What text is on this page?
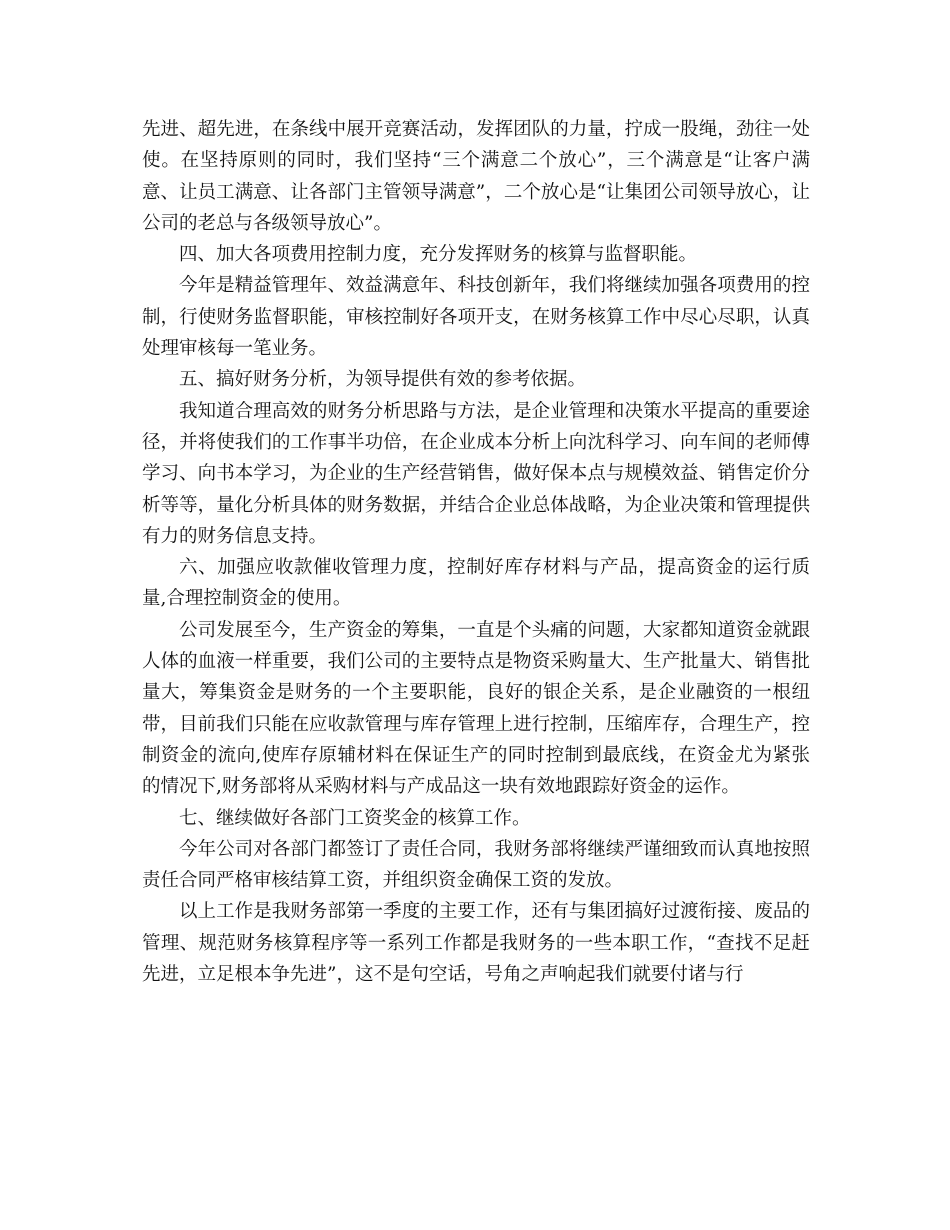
先进、超先进，在条线中展开竞赛活动，发挥团队的力量，拧成一股绳，劲往一处使。在坚持原则的同时，我们坚持“三个满意二个放心”，三个满意是“让客户满意、让员工满意、让各部门主管领导满意”，二个放心是“让集团公司领导放心，让公司的老总与各级领导放心”。

四、加大各项费用控制力度，充分发挥财务的核算与监督职能。

今年是精益管理年、效益满意年、科技创新年，我们将继续加强各项费用的控制，行使财务监督职能，审核控制好各项开支，在财务核算工作中尽心尽职，认真处理审核每一笔业务。

五、搞好财务分析，为领导提供有效的参考依据。

我知道合理高效的财务分析思路与方法，是企业管理和决策水平提高的重要途径，并将使我们的工作事半功倍，在企业成本分析上向沈科学习、向车间的老师傅学习、向书本学习，为企业的生产经营销售，做好保本点与规模效益、销售定价分析等等，量化分析具体的财务数据，并结合企业总体战略，为企业决策和管理提供有力的财务信息支持。

六、加强应收款催收管理力度，控制好库存材料与产品，提高资金的运行质量,合理控制资金的使用。

公司发展至今，生产资金的筹集，一直是个头痛的问题，大家都知道资金就跟人体的血液一样重要，我们公司的主要特点是物资采购量大、生产批量大、销售批量大，筹集资金是财务的一个主要职能，良好的银企关系，是企业融资的一根纽带，目前我们只能在应收款管理与库存管理上进行控制，压缩库存，合理生产，控制资金的流向,使库存原辅材料在保证生产的同时控制到最底线，在资金尤为紧张的情况下,财务部将从采购材料与产成品这一块有效地跟踪好资金的运作。

七、继续做好各部门工资奖金的核算工作。

今年公司对各部门都签订了责任合同，我财务部将继续严谨细致而认真地按照责任合同严格审核结算工资，并组织资金确保工资的发放。

以上工作是我财务部第一季度的主要工作，还有与集团搞好过渡衔接、废品的管理、规范财务核算程序等一系列工作都是我财务的一些本职工作，“查找不足赶先进，立足根本争先进”，这不是句空话，号角之声响起我们就要付诸与行
